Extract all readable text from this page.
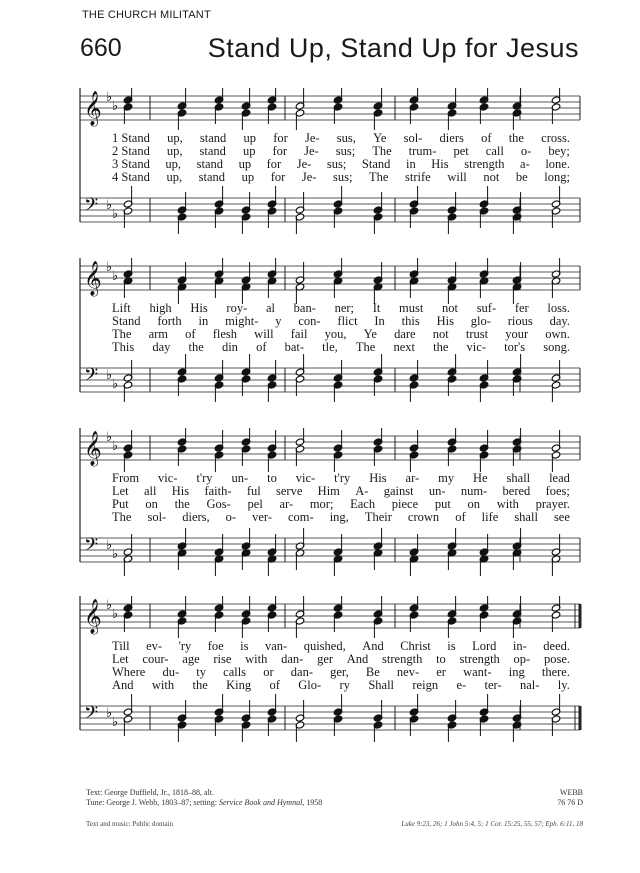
THE CHURCH MILITANT
660	Stand Up, Stand Up for Jesus
𝄞 ♭
♭
𝄢 ♭
♭

1 Stand up, stand up for Je- sus, Ye sol- diers of the cross.

2 Stand up, stand up for Je- sus; The trum- pet call o- bey;

3 Stand up, stand up for Je- sus; Stand in His strength a- lone.

4 Stand up, stand up for Je- sus; The strife will not be long;

𝄞 ♭
♭
𝄢 ♭
♭

Lift high His roy- al ban- ner; It must not suf- fer loss.

Stand forth in might- y con- flict In this His glo- rious day.

The arm of flesh will fail you, Ye dare not trust your own.

This day the din of bat- tle, The next the vic- tor's song.

𝄞 ♭
♭
𝄢 ♭
♭

From vic- t'ry un- to vic- t'ry His ar- my He shall lead

Let all His faith- ful serve Him A- gainst un- num- bered foes;

Put on the Gos- pel ar- mor; Each piece put on with prayer.

The sol- diers, o- ver- com- ing, Their crown of life shall see

𝄞 ♭
♭
𝄢 ♭
♭

Till ev- 'ry foe is van- quished, And Christ is Lord in- deed.

Let cour- age rise with dan- ger And strength to strength op- pose.

Where du- ty calls or dan- ger, Be nev- er want- ing there.

And with the King of Glo- ry Shall reign e- ter- nal- ly.

Text: George Duffield, Jr., 1818–88, alt.
Tune: George J. Webb, 1803–87; setting: Service Book and Hymnal, 1958
WEBB
76 76 D
Text and music: Public domain	Luke 9:23, 26; 1 John 5:4, 5; 1 Cor. 15:25, 55, 57; Eph. 6:11, 18
